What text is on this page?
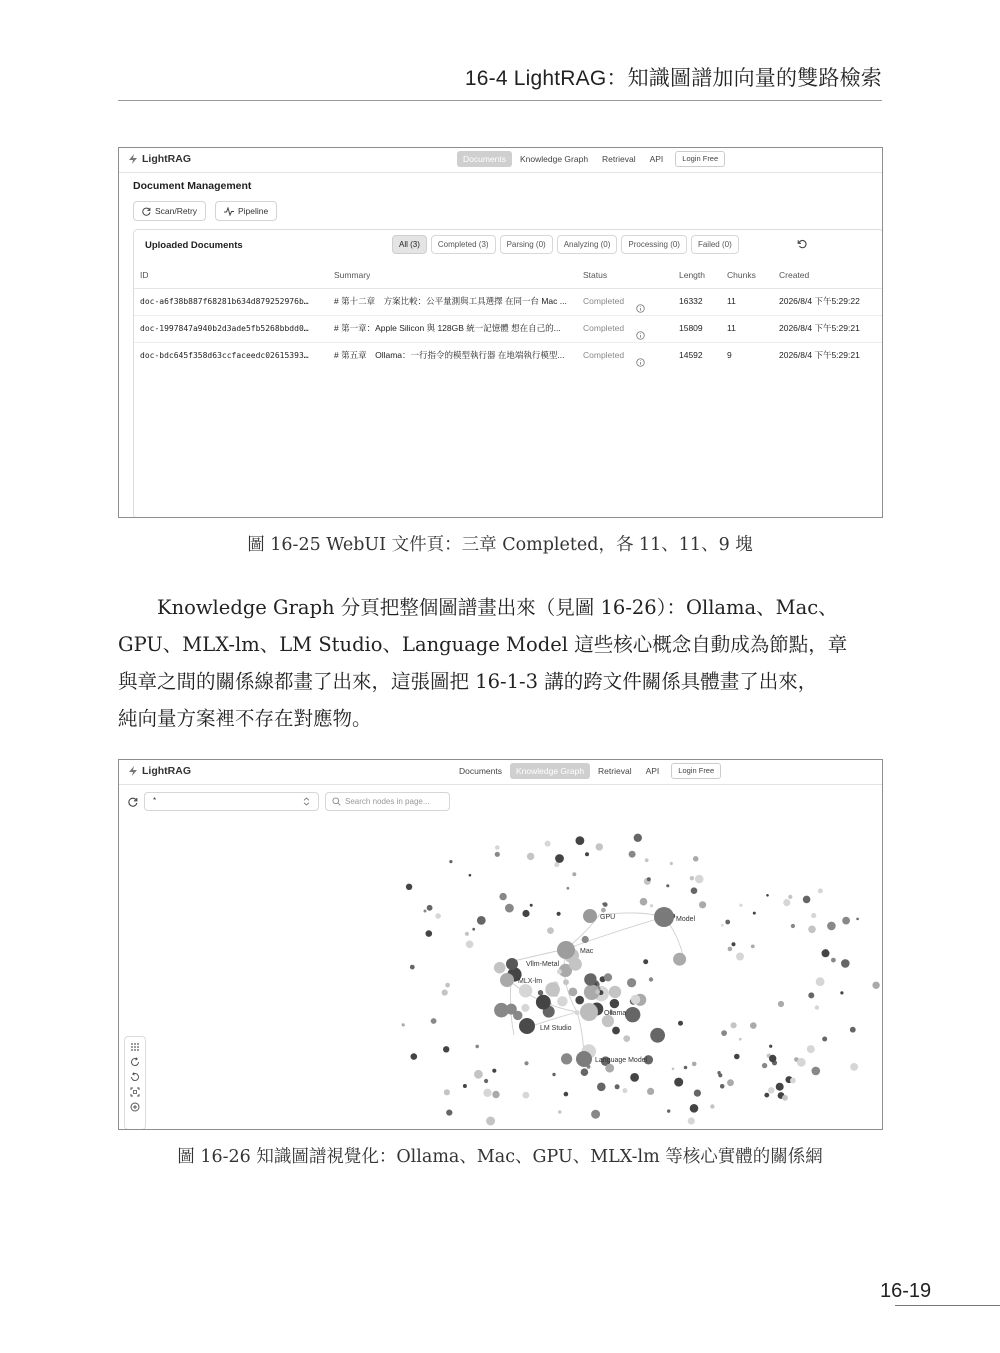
16-4 LightRAG：知識圖譜加向量的雙路檢索
LightRAG	Documents	Knowledge Graph	Retrieval	API	Login Free
Document Management
Scan/Retry	Pipeline
Uploaded Documents	All (3)	Completed (3)	Parsing (0)	Analyzing (0)	Processing (0)	Failed (0)
ID	Summary	Status	Length	Chunks	Created
doc-a6f38b887f68281b634d879252976b…	# 第十二章　方案比較：公平量測與工具選擇 在同一台 Mac ...	Completed	16332	11	2026/8/4 下午5:29:22
doc-1997847a940b2d3ade5fb5268bbdd0…	# 第一章：Apple Silicon 與 128GB 統一記憶體 想在自己的...	Completed	15809	11	2026/8/4 下午5:29:21
doc-bdc645f358d63ccfaceedc02615393…	# 第五章　Ollama：一行指令的模型執行器 在地端執行模型...	Completed	14592	9	2026/8/4 下午5:29:21
圖 16-25 WebUI 文件頁：三章 Completed，各 11、11、9 塊
Knowledge Graph 分頁把整個圖譜畫出來（見圖 16-26）：Ollama、Mac、
GPU、MLX-lm、LM Studio、Language Model 這些核心概念自動成為節點，章
與章之間的關係線都畫了出來，這張圖把 16-1-3 講的跨文件關係具體畫了出來，
純向量方案裡不存在對應物。
LightRAG	Documents	Knowledge Graph	Retrieval	API	Login Free
*	Search nodes in page...
GPU	Model
Mac
Vllm-Metal
MLX-lm
Ollama
LM Studio
Language Model
圖 16-26 知識圖譜視覺化：Ollama、Mac、GPU、MLX-lm 等核心實體的關係網
16-19
